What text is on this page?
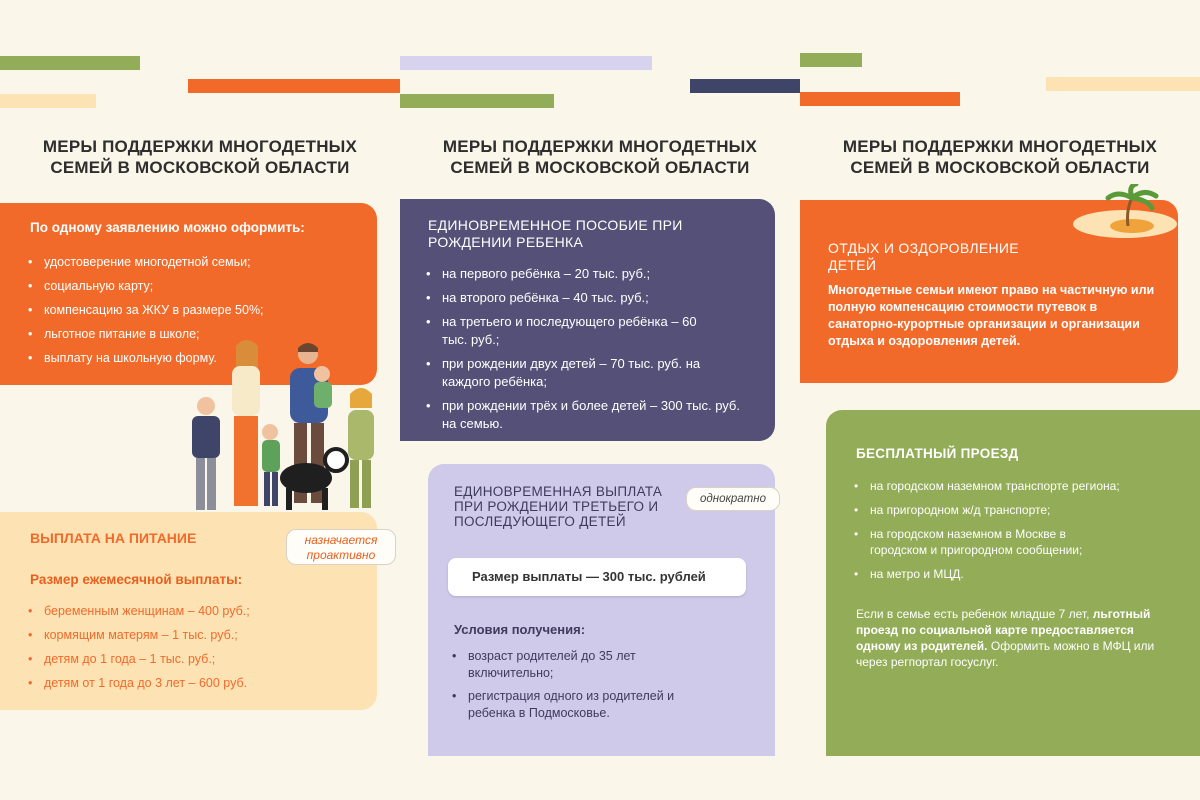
МЕРЫ ПОДДЕРЖКИ МНОГОДЕТНЫХ СЕМЕЙ В МОСКОВСКОЙ ОБЛАСТИ
По одному заявлению можно оформить:
• удостоверение многодетной семьи;
• социальную карту;
• компенсацию за ЖКУ в размере 50%;
• льготное питание в школе;
• выплату на школьную форму.
ВЫПЛАТА НА ПИТАНИЕ
Размер ежемесячной выплаты:
• беременным женщинам – 400 руб.;
• кормящим матерям – 1 тыс. руб.;
• детям до 1 года – 1 тыс. руб.;
• детям от 1 года до 3 лет – 600 руб.
назначается проактивно
МЕРЫ ПОДДЕРЖКИ МНОГОДЕТНЫХ СЕМЕЙ В МОСКОВСКОЙ ОБЛАСТИ
ЕДИНОВРЕМЕННОЕ ПОСОБИЕ ПРИ РОЖДЕНИИ РЕБЕНКА
• на первого ребёнка – 20 тыс. руб.;
• на второго ребёнка – 40 тыс. руб.;
• на третьего и последующего ребёнка – 60 тыс. руб.;
• при рождении двух детей – 70 тыс. руб. на каждого ребёнка;
• при рождении трёх и более детей – 300 тыс. руб. на семью.
ЕДИНОВРЕМЕННАЯ ВЫПЛАТА ПРИ РОЖДЕНИИ ТРЕТЬЕГО И ПОСЛЕДУЮЩЕГО ДЕТЕЙ
Размер выплаты — 300 тыс. рублей
Условия получения:
• возраст родителей до 35 лет включительно;
• регистрация одного из родителей и ребенка в Подмосковье.
однократно
МЕРЫ ПОДДЕРЖКИ МНОГОДЕТНЫХ СЕМЕЙ В МОСКОВСКОЙ ОБЛАСТИ
ОТДЫХ И ОЗДОРОВЛЕНИЕ ДЕТЕЙ
Многодетные семьи имеют право на частичную или полную компенсацию стоимости путевок в санаторно-курортные организации и организации отдыха и оздоровления детей.
БЕСПЛАТНЫЙ ПРОЕЗД
• на городском наземном транспорте региона;
• на пригородном ж/д транспорте;
• на городском наземном в Москве в городском и пригородном сообщении;
• на метро и МЦД.
Если в семье есть ребенок младше 7 лет, льготный проезд по социальной карте предоставляется одному из родителей. Оформить можно в МФЦ или через регпортал госуслуг.
